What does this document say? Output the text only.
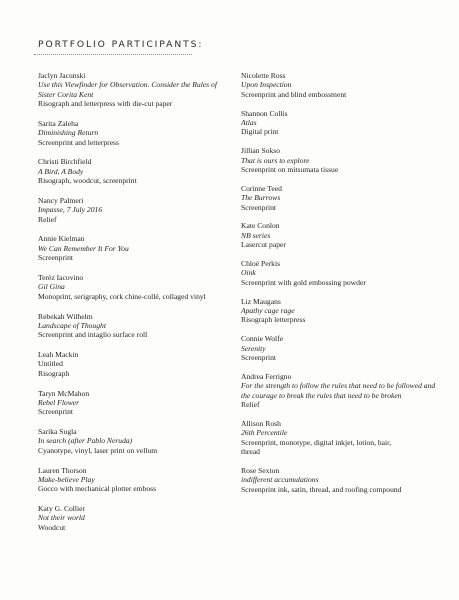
PORTFOLIO PARTICIPANTS:
Jaclyn Jacunski
Use this Viewfinder for Observation. Consider the Rules of
Sister Corita Kent
Risograph and letterpress with die-cut paper
Sarita Zaleha
Diminishing Return
Screenprint and letterpress
Christi Birchfield
A Bird, A Body
Risograph, woodcut, screenprint
Nancy Palmeri
Impasse, 7 July 2016
Relief
Annie Kielman
We Can Remember It For You
Screenprint
Terèz Iacovino
Gil Gina
Monoprint, serigraphy, cork chine-collé, collaged vinyl
Rebekah Wilhelm
Landscape of Thought
Screenprint and intaglio surface roll
Leah Mackin
Untitled
Risograph
Taryn McMahon
Rebel Flower
Screenprint
Sarika Sugla
In search (after Pablo Neruda)
Cyanotype, vinyl, laser print on vellum
Lauren Thorson
Make-believe Play
Gocco with mechanical plotter emboss
Katy G. Collier
Not their world
Woodcut
Nicolette Ross
Upon Inspection
Screenprint and blind embossment
Shannon Collis
Atlas
Digital print
Jillian Sokso
That is ours to explore
Screenprint on mitsumata tissue
Corinne Teed
The Burrows
Screenprint
Kate Conlon
NB series
Lasercut paper
Chloé Perkis
Oink
Screenprint with gold embossing powder
Liz Maugans
Apathy cage rage
Risograph letterpress
Connie Wolfe
Serenity
Screenprint
Andrea Ferrigno
For the strength to follow the rules that need to be followed and
the courage to break the rules that need to be broken
Relief
Allison Rosh
26th Percentile
Screenprint, monotype, digital inkjet, lotion, hair,
thread
Rose Sexton
indifferent accumulations
Screenprint ink, satin, thread, and roofing compound
